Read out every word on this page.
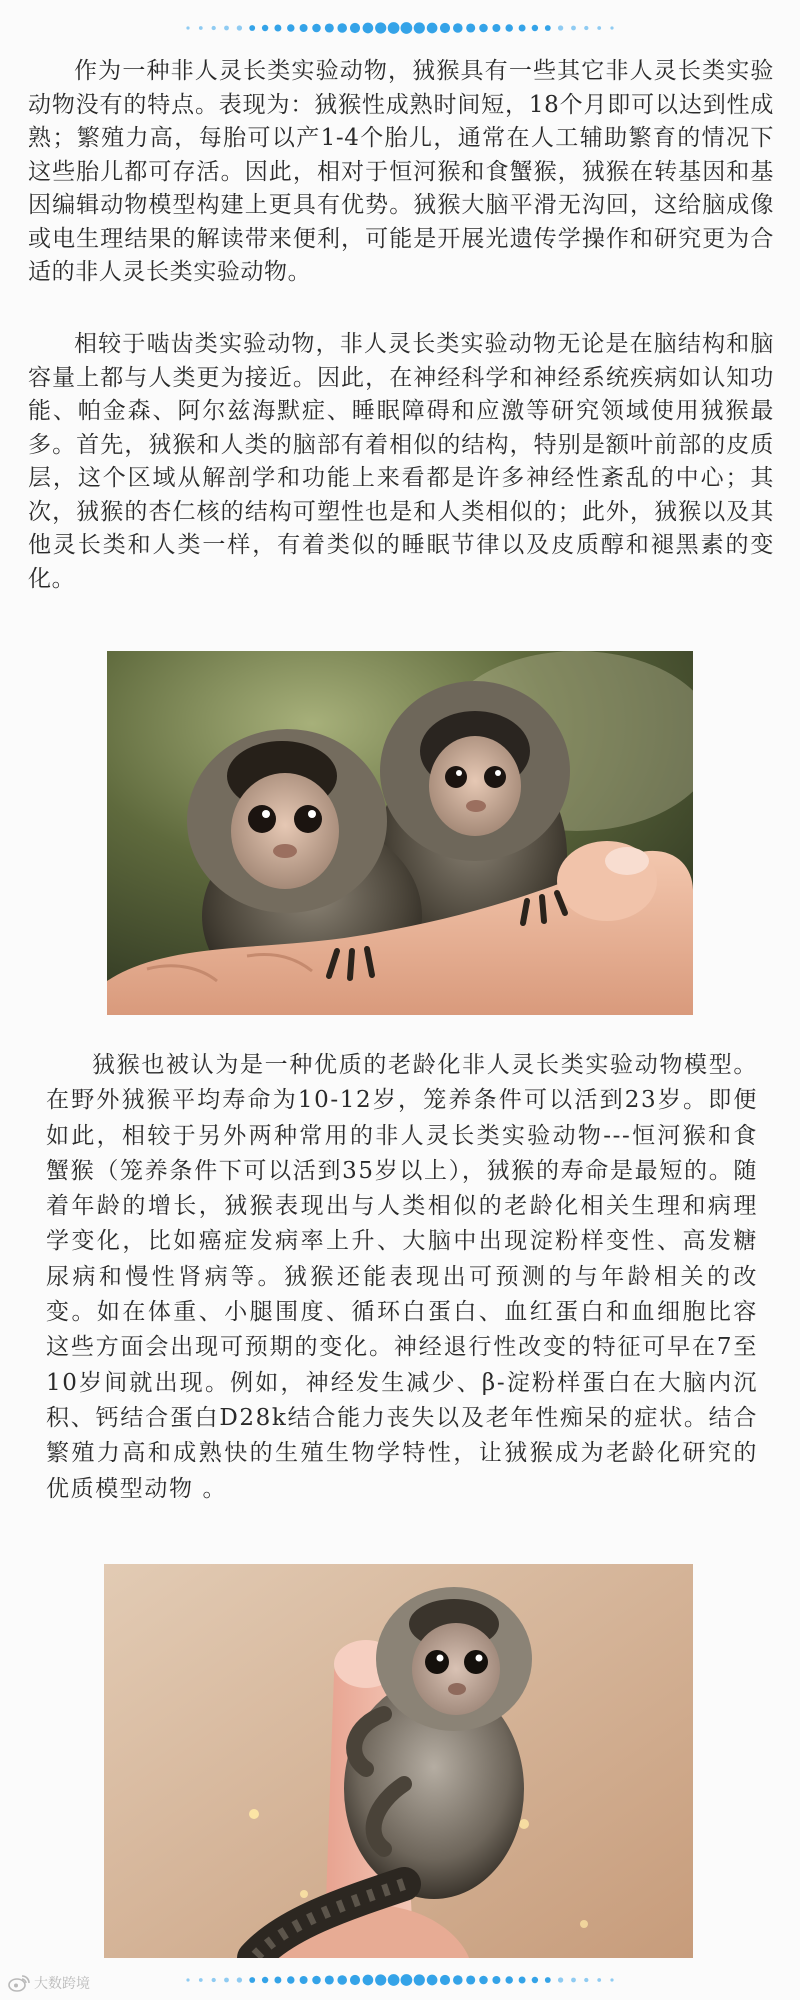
作为一种非人灵长类实验动物，狨猴具有一些其它非人灵长类实验动物没有的特点。表现为：狨猴性成熟时间短，18个月即可以达到性成熟；繁殖力高，每胎可以产1-4个胎儿，通常在人工辅助繁育的情况下这些胎儿都可存活。因此，相对于恒河猴和食蟹猴，狨猴在转基因和基因编辑动物模型构建上更具有优势。狨猴大脑平滑无沟回，这给脑成像或电生理结果的解读带来便利，可能是开展光遗传学操作和研究更为合适的非人灵长类实验动物。

相较于啮齿类实验动物，非人灵长类实验动物无论是在脑结构和脑容量上都与人类更为接近。因此，在神经科学和神经系统疾病如认知功能、帕金森、阿尔兹海默症、睡眠障碍和应激等研究领域使用狨猴最多。首先，狨猴和人类的脑部有着相似的结构，特别是额叶前部的皮质层，这个区域从解剖学和功能上来看都是许多神经性紊乱的中心；其次，狨猴的杏仁核的结构可塑性也是和人类相似的；此外，狨猴以及其他灵长类和人类一样，有着类似的睡眠节律以及皮质醇和褪黑素的变化。

狨猴也被认为是一种优质的老龄化非人灵长类实验动物模型。在野外狨猴平均寿命为10-12岁，笼养条件可以活到23岁。即便如此，相较于另外两种常用的非人灵长类实验动物---恒河猴和食蟹猴（笼养条件下可以活到35岁以上），狨猴的寿命是最短的。随着年龄的增长，狨猴表现出与人类相似的老龄化相关生理和病理学变化，比如癌症发病率上升、大脑中出现淀粉样变性、高发糖尿病和慢性肾病等。狨猴还能表现出可预测的与年龄相关的改变。如在体重、小腿围度、循环白蛋白、血红蛋白和血细胞比容这些方面会出现可预期的变化。神经退行性改变的特征可早在7至10岁间就出现。例如，神经发生减少、β-淀粉样蛋白在大脑内沉积、钙结合蛋白D28k结合能力丧失以及老年性痴呆的症状。结合繁殖力高和成熟快的生殖生物学特性，让狨猴成为老龄化研究的优质模型动物 。

大数跨境
